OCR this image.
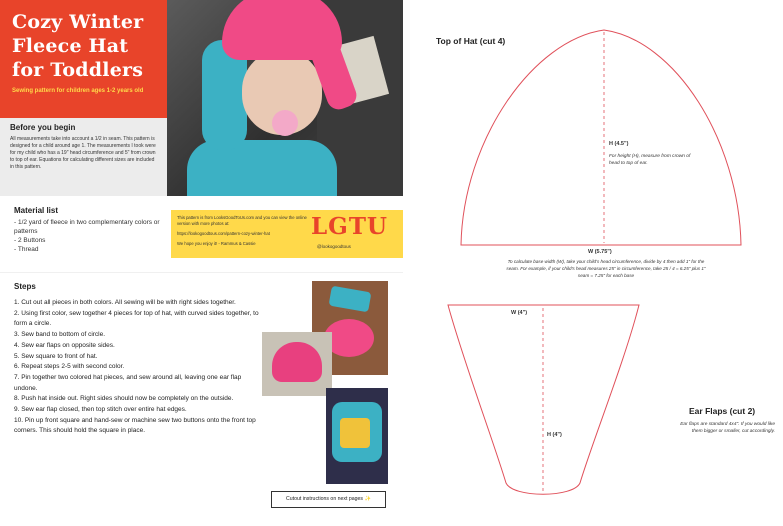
Cozy Winter Fleece Hat for Toddlers
Sewing pattern for children ages 1-2 years old
Before you begin

All measurements take into account a 1/2 in seam. This pattern is designed for a child around age 1. The measurements I took were for my child who has a 19" head circumference and 5" from crown to top of ear. Equations for calculating different sizes are included in this pattern.

Material list
- 1/2 yard of fleece in two complementary colors or patterns
- 2 Buttons
- Thread
This pattern is from LooksGoodToUs.com and you can view the online version with more photos at:
https://lookogoodtous.com/pattern-cozy-winter-hat
We hope you enjoy it! - Rammus & Cassie
LGTU
@lookogoodtous
Steps
1. Cut out all pieces in both colors. All sewing will be with right sides together.
2. Using first color, sew together 4 pieces for top of hat, with curved sides together, to form a circle.
3. Sew band to bottom of circle.
4. Sew ear flaps on opposite sides.
5. Sew square to front of hat.
6. Repeat steps 2-5 with second color.
7. Pin together two colored hat pieces, and sew around all, leaving one ear flap undone.
8. Push hat inside out. Right sides should now be completely on the outside.
9. Sew ear flap closed, then top stitch over entire hat edges.
10. Pin up front square and hand-sew or machine sew two buttons onto the front top corners. This should hold the square in place.
Cutout instructions on next pages ✨
Top of Hat (cut 4)
H (4.5")
For height (H), measure from crown of head to top of ear.
W (5.75")
To calculate base width (W), take your child's head circumference, divide by 4 then add 1" for the seam. For example, if your child's head measures 25" in circumference, take 25 / 4 = 6.25" plus 1" seam = 7.25" for each base
W (4")
H (4")
Ear Flaps (cut 2)
Ear flaps are standard 4x4". If you would like them bigger or smaller, cut accordingly.
